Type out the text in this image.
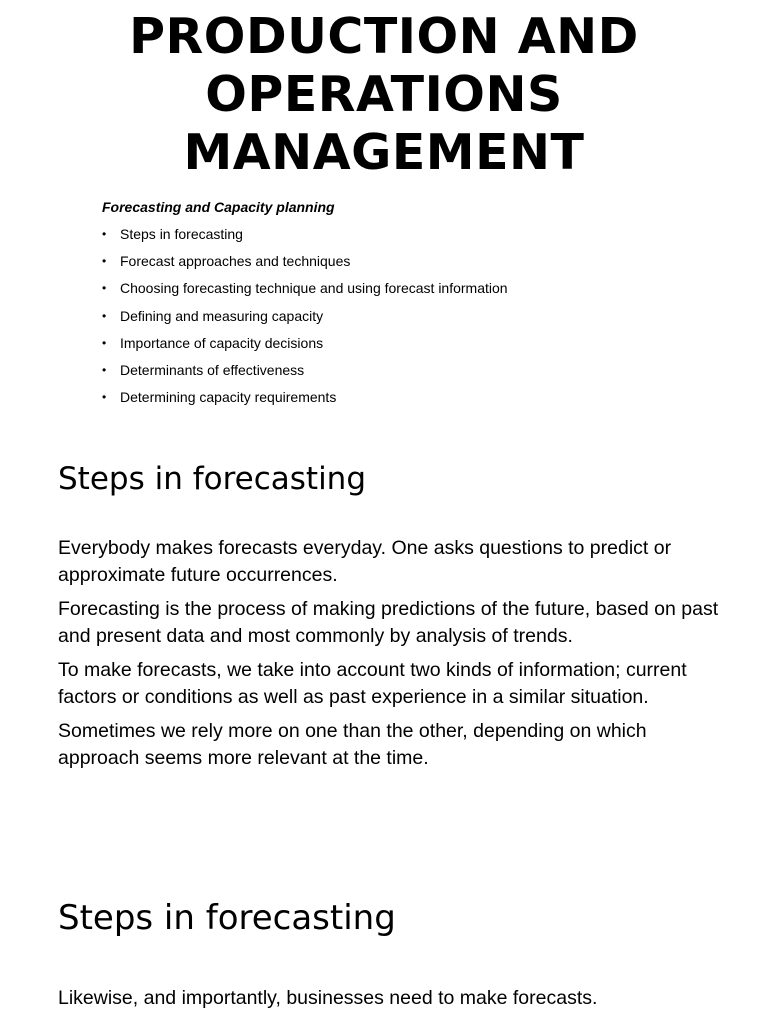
PRODUCTION AND
OPERATIONS
MANAGEMENT

Forecasting and Capacity planning

• Steps in forecasting
• Forecast approaches and techniques
• Choosing forecasting technique and using forecast information
• Defining and measuring capacity
• Importance of capacity decisions
• Determinants of effectiveness
• Determining capacity requirements
Steps in forecasting

Everybody makes forecasts everyday. One asks questions to predict or approximate future occurrences.

Forecasting is the process of making predictions of the future, based on past and present data and most commonly by analysis of trends.

To make forecasts, we take into account two kinds of information; current factors or conditions as well as past experience in a similar situation.

Sometimes we rely more on one than the other, depending on which approach seems more relevant at the time.

Steps in forecasting

Likewise, and importantly, businesses need to make forecasts.
